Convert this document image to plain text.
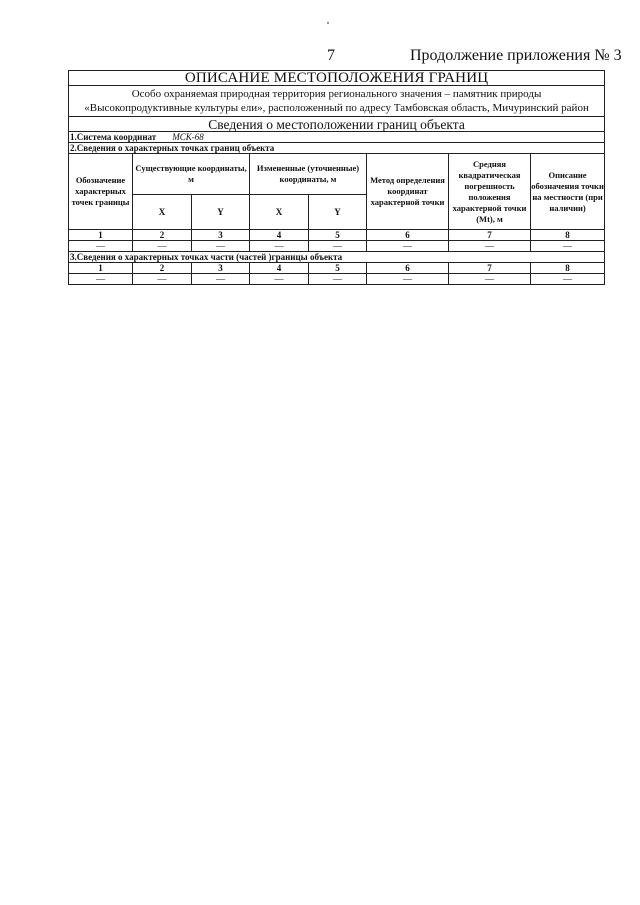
7	Продолжение приложения № 3
ОПИСАНИЕ МЕСТОПОЛОЖЕНИЯ ГРАНИЦ							

Особо охраняемая природная территория регионального значения – памятник природы
«Высокопродуктивные культуры ели», расположенный по адресу Тамбовская область, Мичуринский район							

Сведения о местоположении границ объекта							
1.Система координат МСК-68							
2.Сведения о характерных точках границ объекта							
Обозначение характерных точек границы	Существующие координаты, м		Измененные (уточненные) координаты, м		Метод определения координат характерной точки	Средняя квадратическая погрешность положения характерной точки (Mt), м	Описание обозначения точки на местности (при наличии)
	X	Y	X	Y			
1	2	3	4	5	6	7	8
—	—	—	—	—	—	—	—
3.Сведения о характерных точках части (частей )границы объекта							
1	2	3	4	5	6	7	8
—	—	—	—	—	—	—	—
